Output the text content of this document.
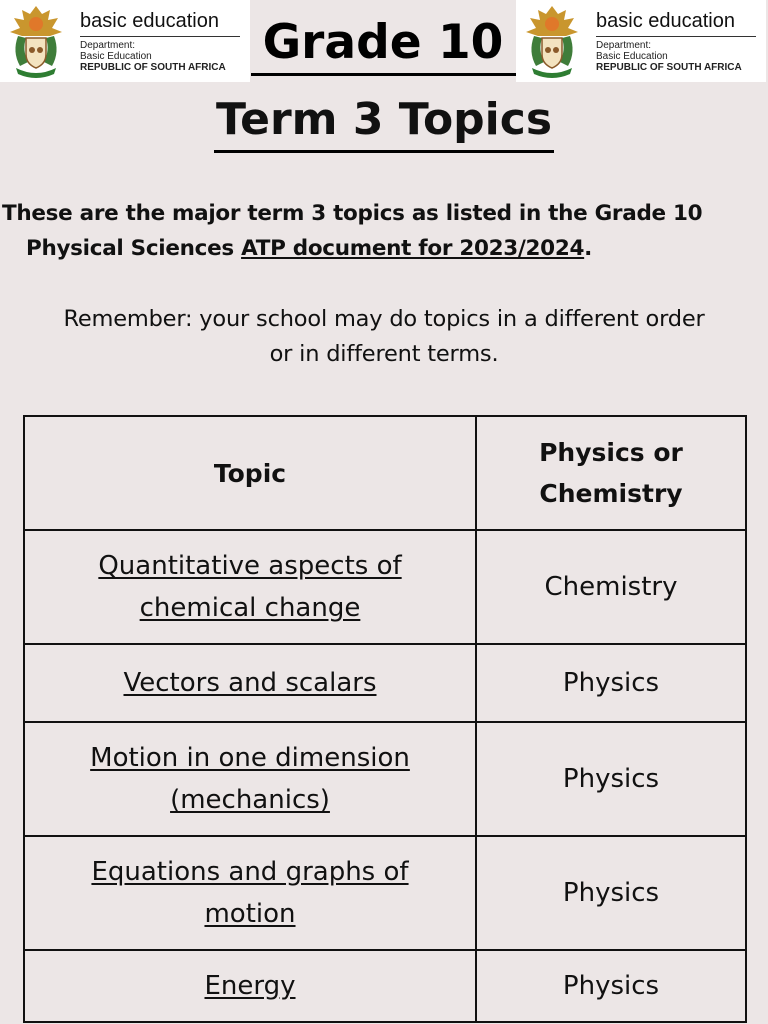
basic education
Department:
Basic Education
REPUBLIC OF SOUTH AFRICA Grade 10	basic education
Department:
Basic Education
REPUBLIC OF SOUTH AFRICA
Term 3 Topics
These are the major term 3 topics as listed in the Grade 10
Physical Sciences ATP document for 2023/2024.
Remember: your school may do topics in a different order
or in different terms.
Topic	Physics or
Chemistry

Quantitative aspects of
chemical change	Chemistry
Vectors and scalars	Physics

Motion in one dimension
(mechanics)	Physics

Equations and graphs of
motion	Physics
Energy	Physics
